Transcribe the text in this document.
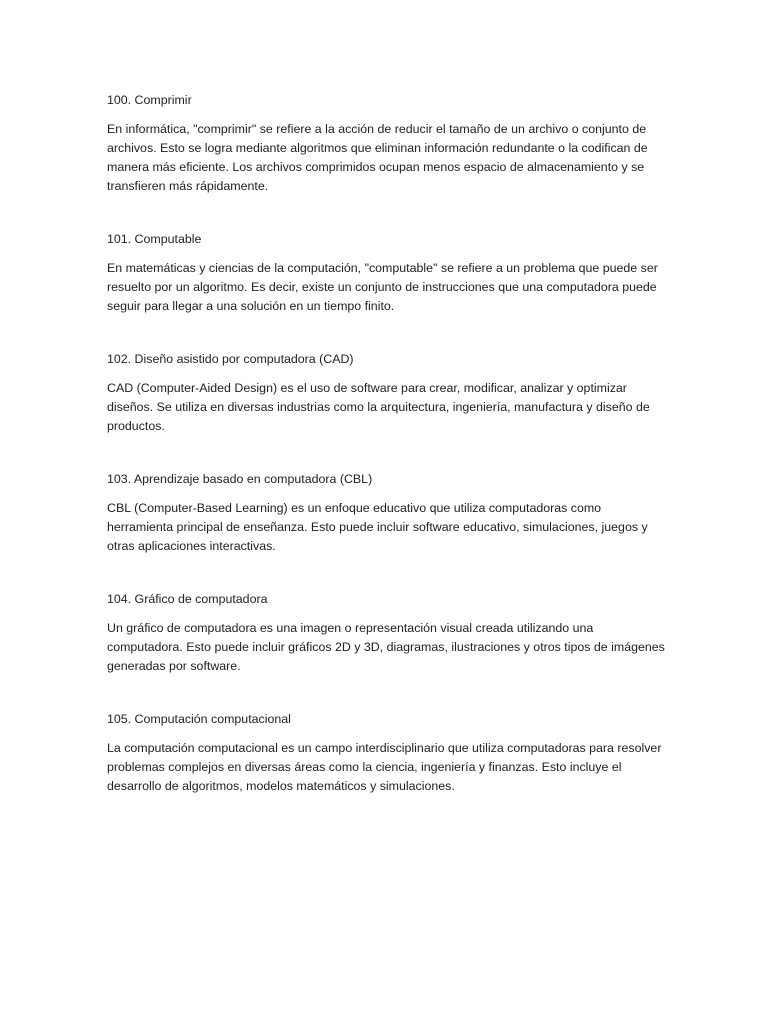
100. Comprimir

En informática, "comprimir" se refiere a la acción de reducir el tamaño de un archivo o conjunto de archivos. Esto se logra mediante algoritmos que eliminan información redundante o la codifican de manera más eficiente. Los archivos comprimidos ocupan menos espacio de almacenamiento y se transfieren más rápidamente.

101. Computable

En matemáticas y ciencias de la computación, "computable" se refiere a un problema que puede ser resuelto por un algoritmo. Es decir, existe un conjunto de instrucciones que una computadora puede seguir para llegar a una solución en un tiempo finito.

102. Diseño asistido por computadora (CAD)

CAD (Computer-Aided Design) es el uso de software para crear, modificar, analizar y optimizar diseños. Se utiliza en diversas industrias como la arquitectura, ingeniería, manufactura y diseño de productos.

103. Aprendizaje basado en computadora (CBL)

CBL (Computer-Based Learning) es un enfoque educativo que utiliza computadoras como herramienta principal de enseñanza. Esto puede incluir software educativo, simulaciones, juegos y otras aplicaciones interactivas.

104. Gráfico de computadora

Un gráfico de computadora es una imagen o representación visual creada utilizando una computadora. Esto puede incluir gráficos 2D y 3D, diagramas, ilustraciones y otros tipos de imágenes generadas por software.

105. Computación computacional

La computación computacional es un campo interdisciplinario que utiliza computadoras para resolver problemas complejos en diversas áreas como la ciencia, ingeniería y finanzas. Esto incluye el desarrollo de algoritmos, modelos matemáticos y simulaciones.
